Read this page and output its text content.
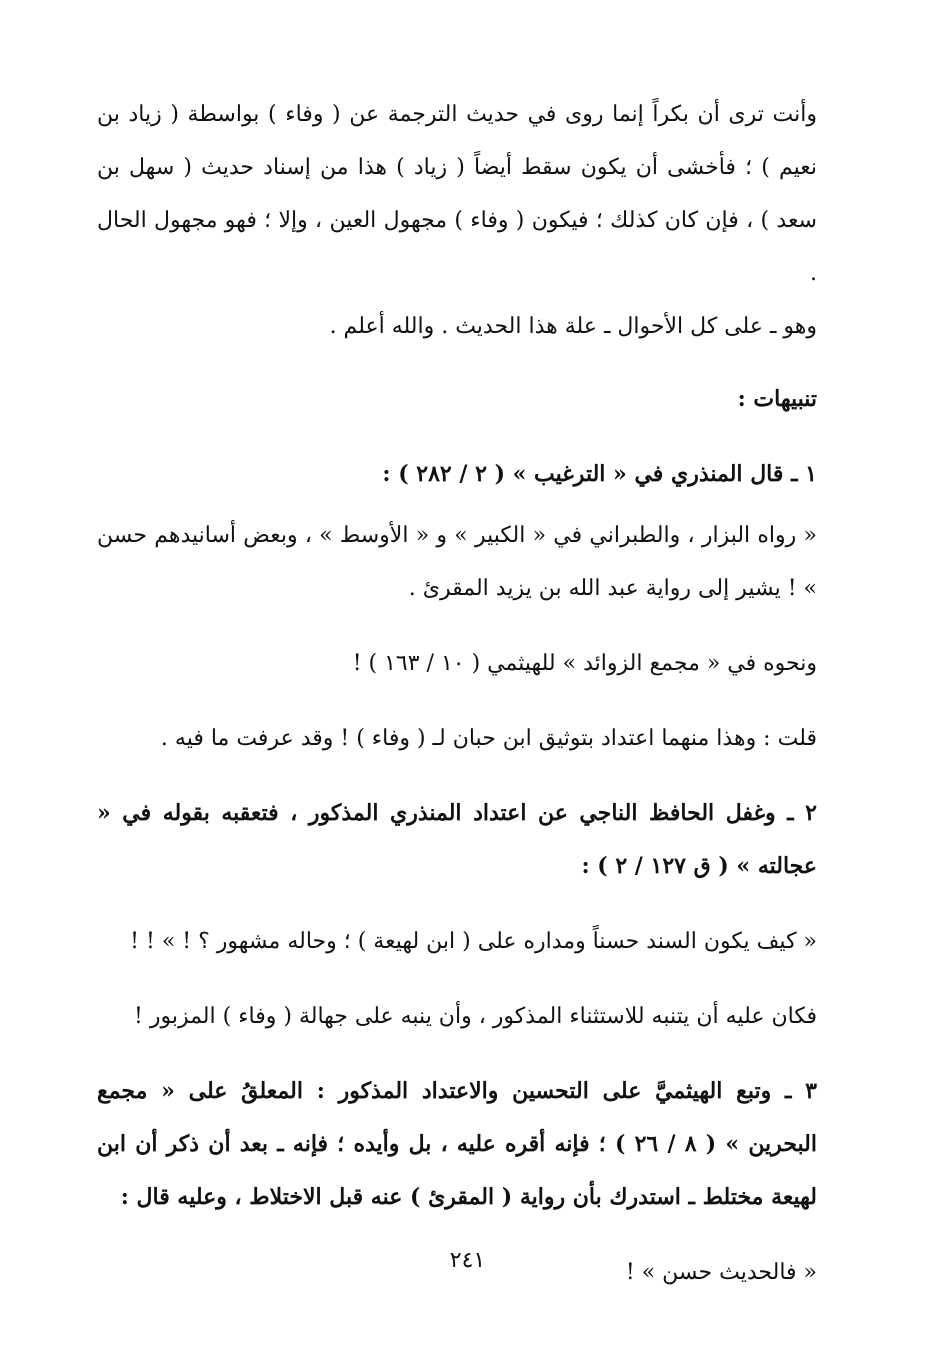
وأنت ترى أن بكراً إنما روى في حديث الترجمة عن ( وفاء ) بواسطة ( زياد بن نعيم ) ؛ فأخشى أن يكون سقط أيضاً ( زياد ) هذا من إسناد حديث ( سهل بن سعد ) ، فإن كان كذلك ؛ فيكون ( وفاء ) مجهول العين ، وإلا ؛ فهو مجهول الحال .

وهو ـ على كل الأحوال ـ علة هذا الحديث . والله أعلم .

تنبيهات :

١ ـ قال المنذري في « الترغيب » ( ٢ / ٢٨٢ ) :

« رواه البزار ، والطبراني في « الكبير » و « الأوسط » ، وبعض أسانيدهم حسن » ! يشير إلى رواية عبد الله بن يزيد المقرئ .

ونحوه في « مجمع الزوائد » للهيثمي ( ١٠ / ١٦٣ ) !

قلت : وهذا منهما اعتداد بتوثيق ابن حبان لـ ( وفاء ) ! وقد عرفت ما فيه .

٢ ـ وغفل الحافظ الناجي عن اعتداد المنذري المذكور ، فتعقبه بقوله في « عجالته » ( ق ١٢٧ / ٢ ) :

« كيف يكون السند حسناً ومداره على ( ابن لهيعة ) ؛ وحاله مشهور ؟ ! » ! !

فكان عليه أن يتنبه للاستثناء المذكور ، وأن ينبه على جهالة ( وفاء ) المزبور !

٣ ـ وتبع الهيثميَّ على التحسين والاعتداد المذكور : المعلقُ على « مجمع البحرين » ( ٨ / ٢٦ ) ؛ فإنه أقره عليه ، بل وأيده ؛ فإنه ـ بعد أن ذكر أن ابن لهيعة مختلط ـ استدرك بأن رواية ( المقرئ ) عنه قبل الاختلاط ، وعليه قال :

« فالحديث حسن » !

٢٤١
